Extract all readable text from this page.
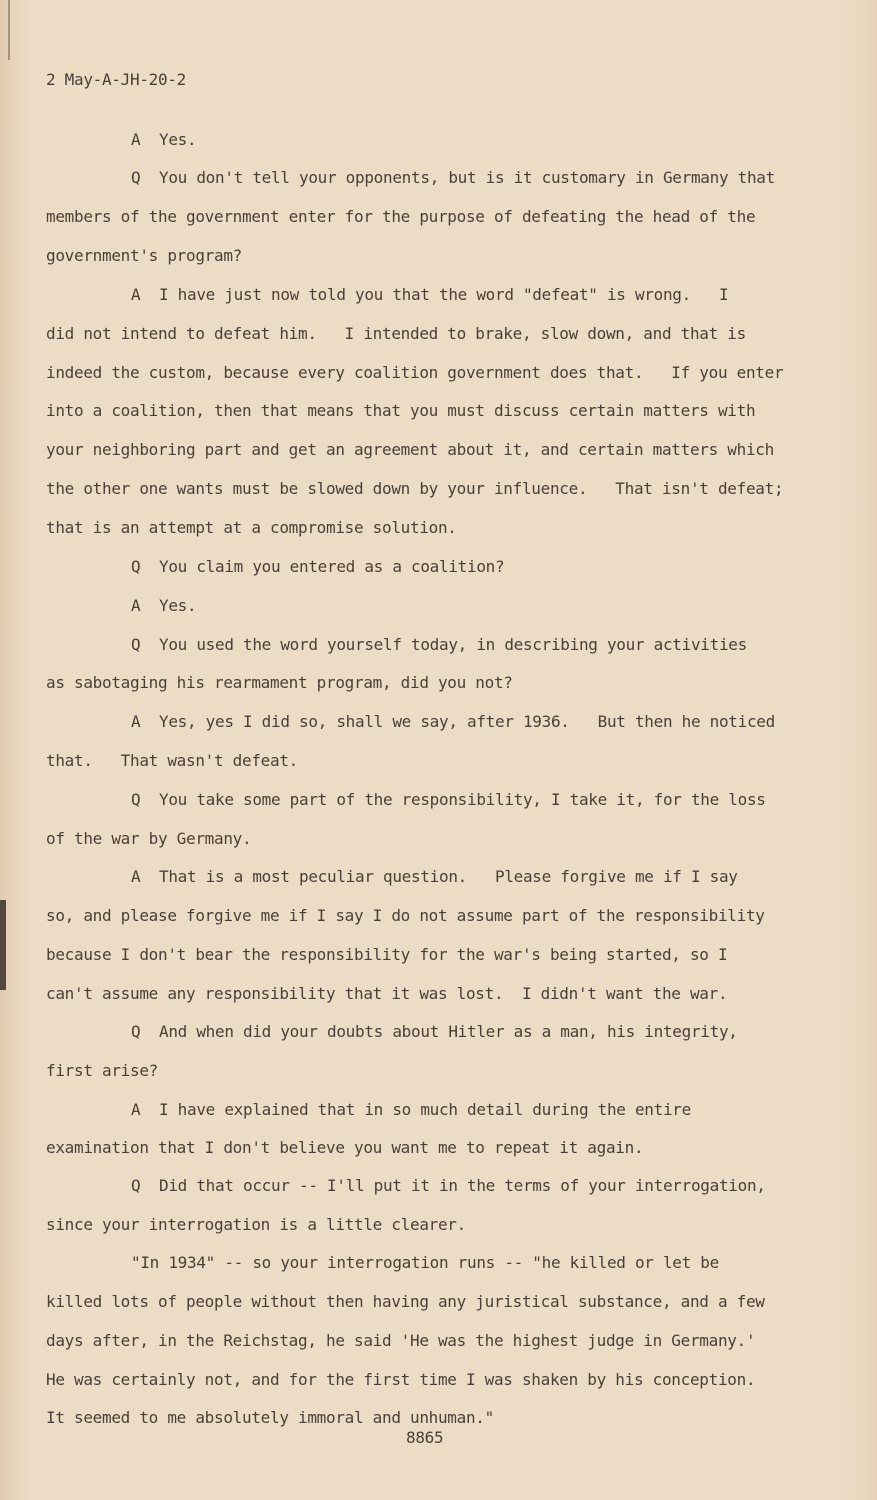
2 May-A-JH-20-2
A  Yes.
Q  You don't tell your opponents, but is it customary in Germany that
members of the government enter for the purpose of defeating the head of the
government's program?
A  I have just now told you that the word "defeat" is wrong.   I
did not intend to defeat him.   I intended to brake, slow down, and that is
indeed the custom, because every coalition government does that.   If you enter
into a coalition, then that means that you must discuss certain matters with
your neighboring part and get an agreement about it, and certain matters which
the other one wants must be slowed down by your influence.   That isn't defeat;
that is an attempt at a compromise solution.
Q  You claim you entered as a coalition?
A  Yes.
Q  You used the word yourself today, in describing your activities
as sabotaging his rearmament program, did you not?
A  Yes, yes I did so, shall we say, after 1936.   But then he noticed
that.   That wasn't defeat.
Q  You take some part of the responsibility, I take it, for the loss
of the war by Germany.
A  That is a most peculiar question.   Please forgive me if I say
so, and please forgive me if I say I do not assume part of the responsibility
because I don't bear the responsibility for the war's being started, so I
can't assume any responsibility that it was lost.  I didn't want the war.
Q  And when did your doubts about Hitler as a man, his integrity,
first arise?
A  I have explained that in so much detail during the entire
examination that I don't believe you want me to repeat it again.
Q  Did that occur -- I'll put it in the terms of your interrogation,
since your interrogation is a little clearer.
"In 1934" -- so your interrogation runs -- "he killed or let be
killed lots of people without then having any juristical substance, and a few
days after, in the Reichstag, he said 'He was the highest judge in Germany.'
He was certainly not, and for the first time I was shaken by his conception.
It seemed to me absolutely immoral and unhuman."
8865
